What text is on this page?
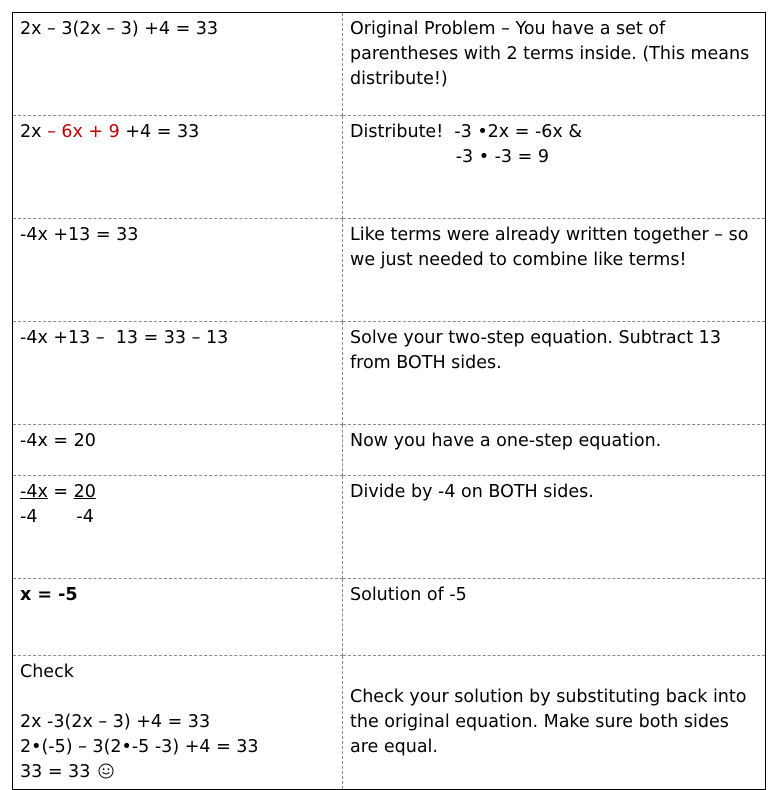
2x – 3(2x – 3) +4 = 33	Original Problem – You have a set of parentheses with 2 terms inside. (This means distribute!)

2x – 6x + 9 +4 = 33	Distribute!  -3 •2x = -6x &
-3 • -3 = 9

-4x +13 = 33	Like terms were already written together – so we just needed to combine like terms!

-4x +13 –  13 = 33 – 13	Solve your two-step equation. Subtract 13 from BOTH sides.

-4x = 20	Now you have a one-step equation.

-4x = 20
-4       -4	Divide by -4 on BOTH sides.

x = -5	Solution of -5

Check
2x -3(2x – 3) +4 = 33
2•(-5) – 3(2•-5 -3) +4 = 33
33 = 33	Check your solution by substituting back into the original equation. Make sure both sides are equal.
